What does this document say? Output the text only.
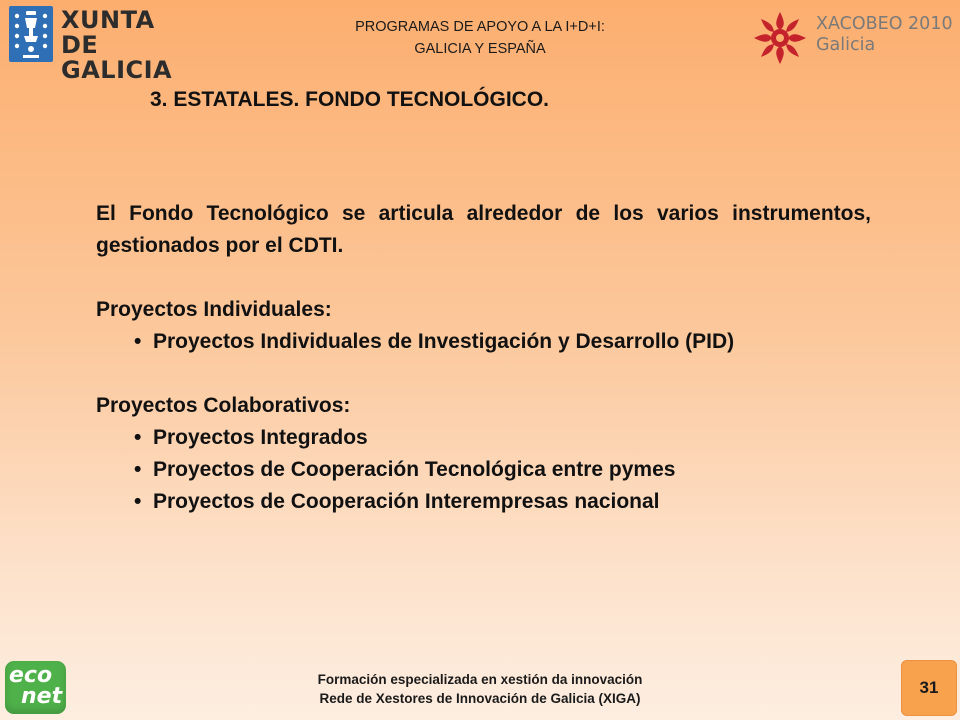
XUNTA
DE GALICIA
PROGRAMAS DE APOYO A LA I+D+I:
GALICIA Y ESPAÑA
XACOBEO 2010
Galicia
3. ESTATALES. FONDO TECNOLÓGICO.

El Fondo Tecnológico se articula alrededor de los varios instrumentos, gestionados por el CDTI.

Proyectos Individuales:
• Proyectos Individuales de Investigación y Desarrollo (PID)
Proyectos Colaborativos:
• Proyectos Integrados
• Proyectos de Cooperación Tecnológica entre pymes
• Proyectos de Cooperación Interempresas nacional
eco
net
Formación especializada en xestión da innovación
Rede de Xestores de Innovación de Galicia (XIGA)
31
